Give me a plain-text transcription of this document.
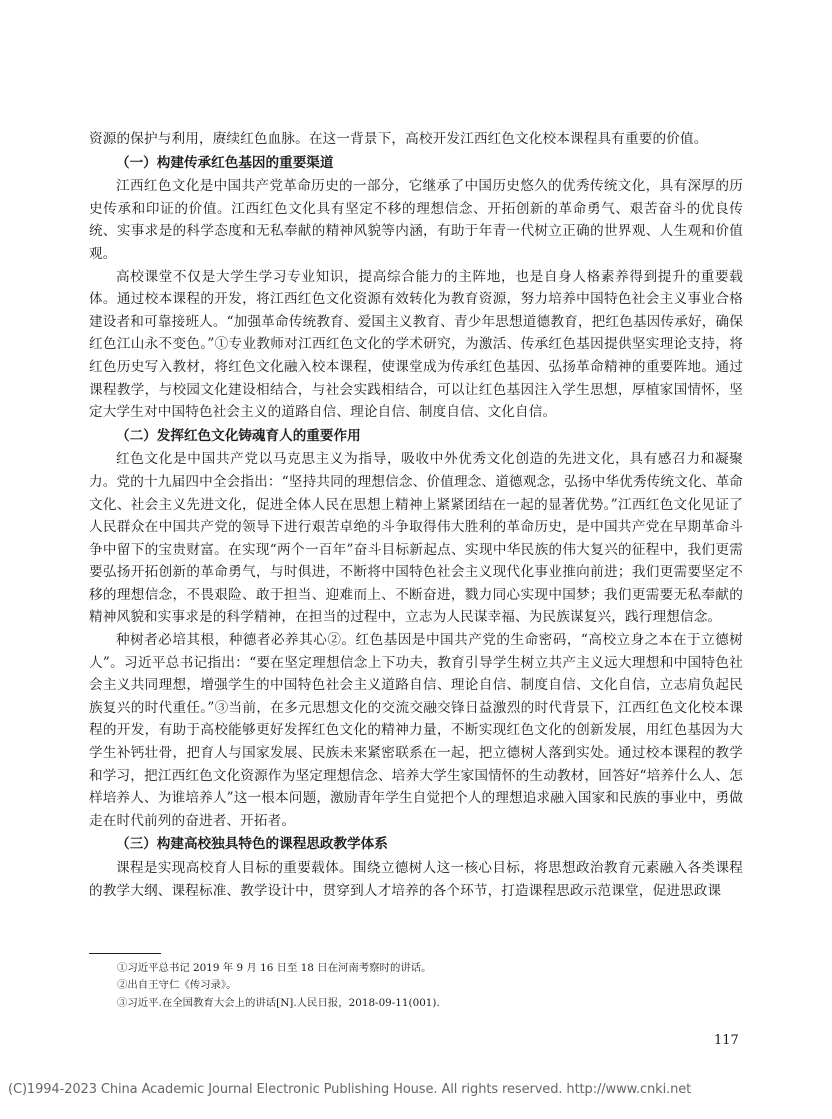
资源的保护与利用，赓续红色血脉。在这一背景下，高校开发江西红色文化校本课程具有重要的价值。

（一）构建传承红色基因的重要渠道

江西红色文化是中国共产党革命历史的一部分，它继承了中国历史悠久的优秀传统文化，具有深厚的历史传承和印证的价值。江西红色文化具有坚定不移的理想信念、开拓创新的革命勇气、艰苦奋斗的优良传统、实事求是的科学态度和无私奉献的精神风貌等内涵，有助于年青一代树立正确的世界观、人生观和价值观。

高校课堂不仅是大学生学习专业知识，提高综合能力的主阵地，也是自身人格素养得到提升的重要载体。通过校本课程的开发，将江西红色文化资源有效转化为教育资源，努力培养中国特色社会主义事业合格建设者和可靠接班人。“加强革命传统教育、爱国主义教育、青少年思想道德教育，把红色基因传承好，确保红色江山永不变色。”①专业教师对江西红色文化的学术研究，为激活、传承红色基因提供坚实理论支持，将红色历史写入教材，将红色文化融入校本课程，使课堂成为传承红色基因、弘扬革命精神的重要阵地。通过课程教学，与校园文化建设相结合，与社会实践相结合，可以让红色基因注入学生思想，厚植家国情怀，坚定大学生对中国特色社会主义的道路自信、理论自信、制度自信、文化自信。

（二）发挥红色文化铸魂育人的重要作用

红色文化是中国共产党以马克思主义为指导，吸收中外优秀文化创造的先进文化，具有感召力和凝聚力。党的十九届四中全会指出：“坚持共同的理想信念、价值理念、道德观念，弘扬中华优秀传统文化、革命文化、社会主义先进文化，促进全体人民在思想上精神上紧紧团结在一起的显著优势。”江西红色文化见证了人民群众在中国共产党的领导下进行艰苦卓绝的斗争取得伟大胜利的革命历史，是中国共产党在早期革命斗争中留下的宝贵财富。在实现“两个一百年”奋斗目标新起点、实现中华民族的伟大复兴的征程中，我们更需要弘扬开拓创新的革命勇气，与时俱进，不断将中国特色社会主义现代化事业推向前进；我们更需要坚定不移的理想信念，不畏艰险、敢于担当、迎难而上、不断奋进，戮力同心实现中国梦；我们更需要无私奉献的精神风貌和实事求是的科学精神，在担当的过程中，立志为人民谋幸福、为民族谋复兴，践行理想信念。

种树者必培其根，种德者必养其心②。红色基因是中国共产党的生命密码，“高校立身之本在于立德树人”。习近平总书记指出：“要在坚定理想信念上下功夫，教育引导学生树立共产主义远大理想和中国特色社会主义共同理想，增强学生的中国特色社会主义道路自信、理论自信、制度自信、文化自信，立志肩负起民族复兴的时代重任。”③当前，在多元思想文化的交流交融交锋日益激烈的时代背景下，江西红色文化校本课程的开发，有助于高校能够更好发挥红色文化的精神力量，不断实现红色文化的创新发展，用红色基因为大学生补钙壮骨，把育人与国家发展、民族未来紧密联系在一起，把立德树人落到实处。通过校本课程的教学和学习，把江西红色文化资源作为坚定理想信念、培养大学生家国情怀的生动教材，回答好“培养什么人、怎样培养人、为谁培养人”这一根本问题，激励青年学生自觉把个人的理想追求融入国家和民族的事业中，勇做走在时代前列的奋进者、开拓者。

（三）构建高校独具特色的课程思政教学体系

课程是实现高校育人目标的重要载体。围绕立德树人这一核心目标，将思想政治教育元素融入各类课程的教学大纲、课程标准、教学设计中，贯穿到人才培养的各个环节，打造课程思政示范课堂，促进思政课

①习近平总书记 2019 年 9 月 16 日至 18 日在河南考察时的讲话。

②出自王守仁《传习录》。

③习近平.在全国教育大会上的讲话[N].人民日报，2018-09-11(001).

117
(C)1994-2023 China Academic Journal Electronic Publishing House. All rights reserved. http://www.cnki.net
